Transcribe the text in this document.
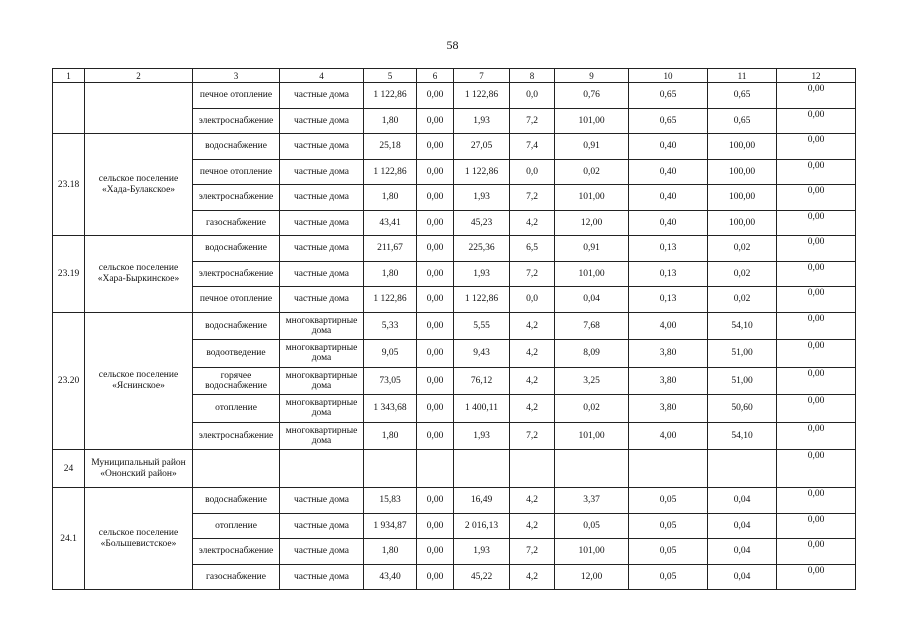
58
1	2	3	4	5	6	7	8	9	10	11	12
		печное отопление	частные дома	1 122,86	0,00	1 122,86	0,0	0,76	0,65	0,65	0,00
		электроснабжение	частные дома	1,80	0,00	1,93	7,2	101,00	0,65	0,65	0,00
23.18	сельское поселение «Хада-Булакское»	водоснабжение	частные дома	25,18	0,00	27,05	7,4	0,91	0,40	100,00	0,00
		печное отопление	частные дома	1 122,86	0,00	1 122,86	0,0	0,02	0,40	100,00	0,00
		электроснабжение	частные дома	1,80	0,00	1,93	7,2	101,00	0,40	100,00	0,00
		газоснабжение	частные дома	43,41	0,00	45,23	4,2	12,00	0,40	100,00	0,00
23.19	сельское поселение «Хара-Быркинское»	водоснабжение	частные дома	211,67	0,00	225,36	6,5	0,91	0,13	0,02	0,00
		электроснабжение	частные дома	1,80	0,00	1,93	7,2	101,00	0,13	0,02	0,00
		печное отопление	частные дома	1 122,86	0,00	1 122,86	0,0	0,04	0,13	0,02	0,00
23.20	сельское поселение «Яснинское»	водоснабжение	многоквартирные дома	5,33	0,00	5,55	4,2	7,68	4,00	54,10	0,00
		водоотведение	многоквартирные дома	9,05	0,00	9,43	4,2	8,09	3,80	51,00	0,00
		горячее водоснабжение	многоквартирные дома	73,05	0,00	76,12	4,2	3,25	3,80	51,00	0,00
		отопление	многоквартирные дома	1 343,68	0,00	1 400,11	4,2	0,02	3,80	50,60	0,00
		электроснабжение	многоквартирные дома	1,80	0,00	1,93	7,2	101,00	4,00	54,10	0,00
24	Муниципальный район «Ононский район»										0,00
24.1	сельское поселение «Большевистское»	водоснабжение	частные дома	15,83	0,00	16,49	4,2	3,37	0,05	0,04	0,00
		отопление	частные дома	1 934,87	0,00	2 016,13	4,2	0,05	0,05	0,04	0,00
		электроснабжение	частные дома	1,80	0,00	1,93	7,2	101,00	0,05	0,04	0,00
		газоснабжение	частные дома	43,40	0,00	45,22	4,2	12,00	0,05	0,04	0,00
